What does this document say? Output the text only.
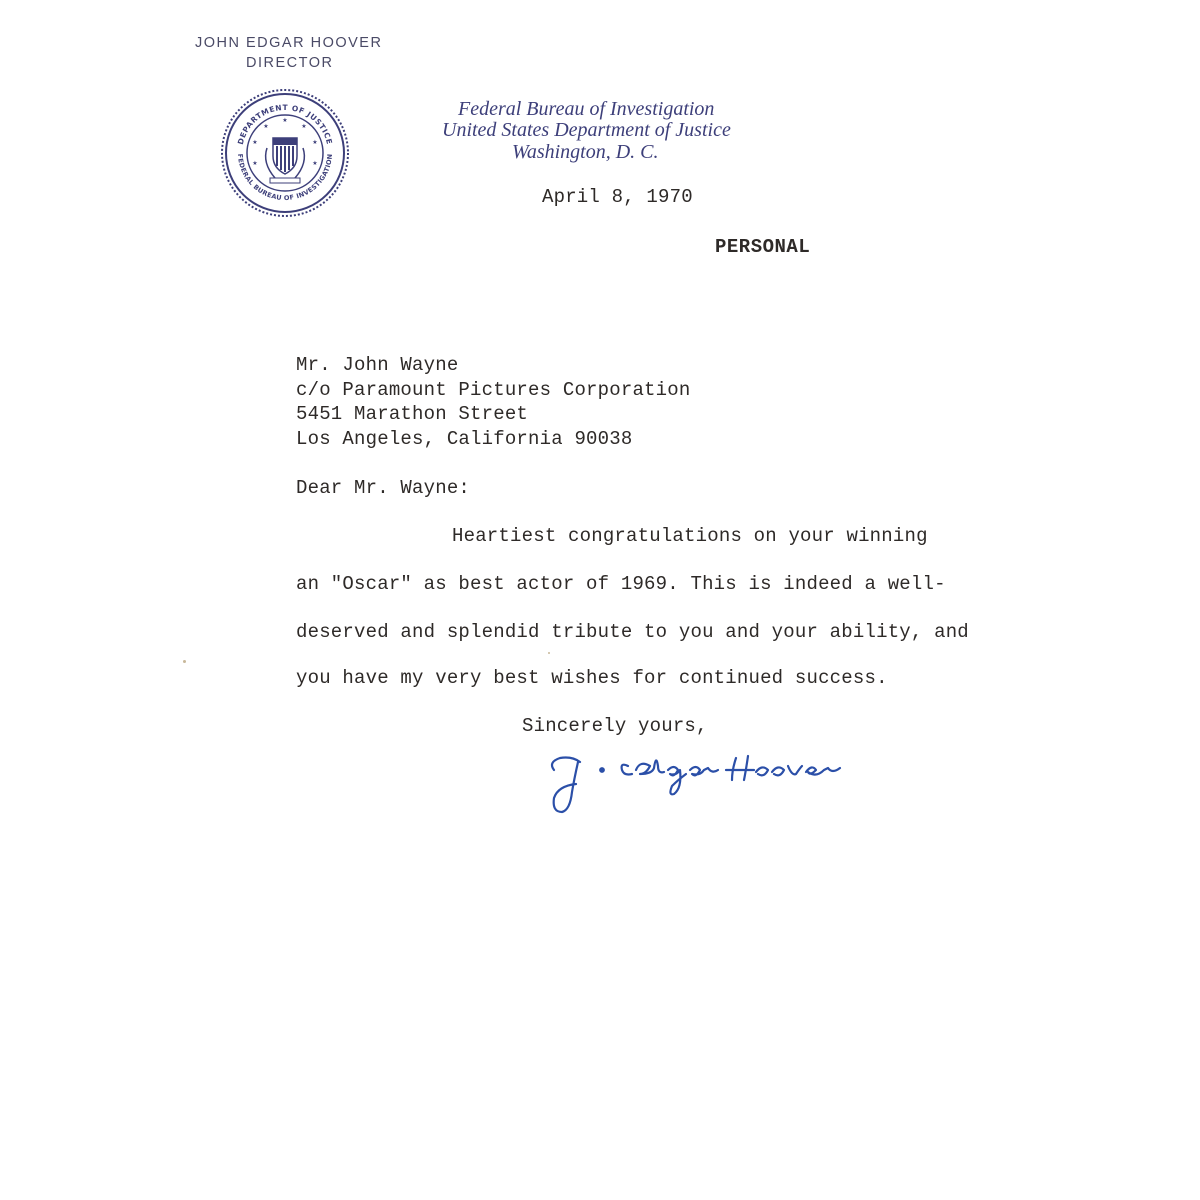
JOHN EDGAR HOOVER
DIRECTOR
DEPARTMENT OF JUSTICE
FEDERAL BUREAU OF INVESTIGATION
★
★
★
★
★
★
★
Federal Bureau of Investigation
United States Department of Justice
Washington, D. C.
April 8, 1970
PERSONAL
Mr. John Wayne
c/o Paramount Pictures Corporation
5451 Marathon Street
Los Angeles, California 90038
Dear Mr. Wayne:
Heartiest congratulations on your winning
an "Oscar" as best actor of 1969. This is indeed a well-
deserved and splendid tribute to you and your ability, and
you have my very best wishes for continued success.
Sincerely yours,
